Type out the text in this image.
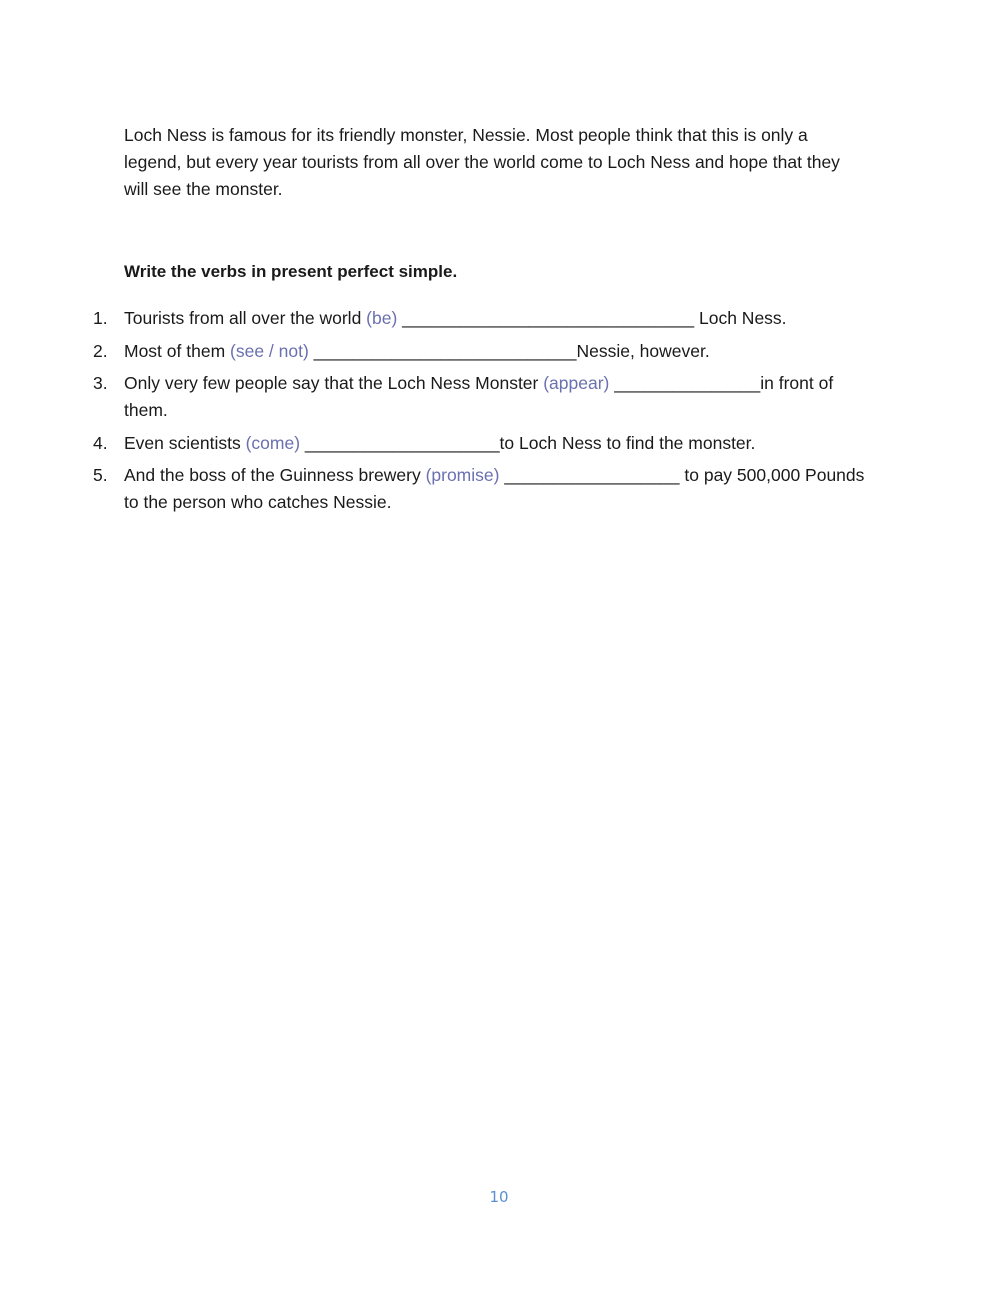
Loch Ness is famous for its friendly monster, Nessie. Most people think that this is only a legend, but every year tourists from all over the world come to Loch Ness and hope that they will see the monster.

Write the verbs in present perfect simple.

1. Tourists from all over the world (be) ______________________________ Loch Ness.
2. Most of them (see / not) ___________________________Nessie, however.
3. Only very few people say that the Loch Ness Monster (appear) _______________in front of them.
4. Even scientists (come) ____________________to Loch Ness to find the monster.
5. And the boss of the Guinness brewery (promise) __________________ to pay 500,000 Pounds to the person who catches Nessie.
10
